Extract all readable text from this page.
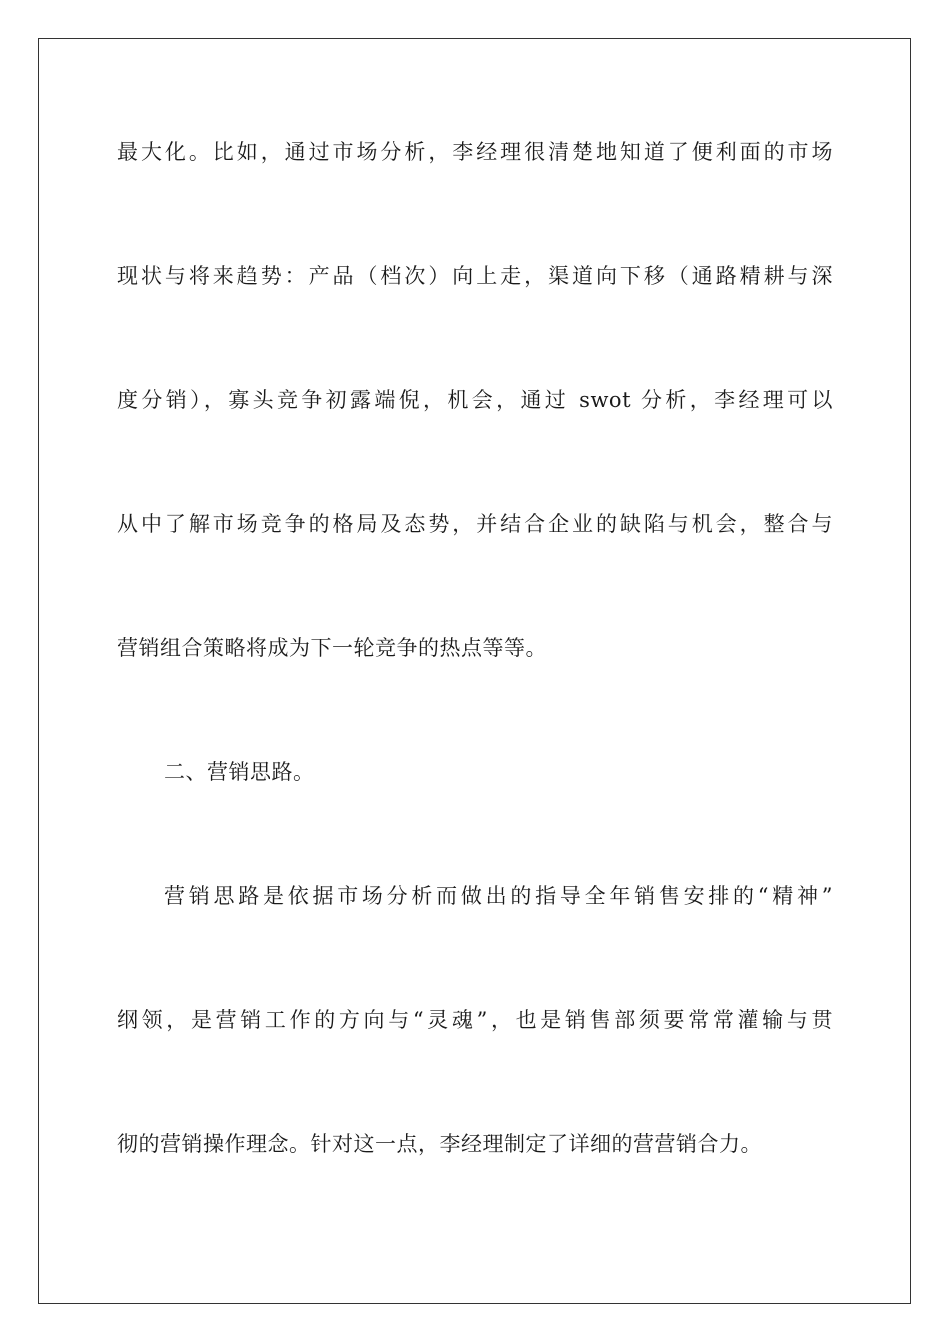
最大化。比如，通过市场分析，李经理很清楚地知道了便利面的市场
现状与将来趋势：产品（档次）向上走，渠道向下移（通路精耕与深
度分销），寡头竞争初露端倪，机会，通过 swot 分析，李经理可以
从中了解市场竞争的格局及态势，并结合企业的缺陷与机会，整合与
营销组合策略将成为下一轮竞争的热点等等。
二、营销思路。
营销思路是依据市场分析而做出的指导全年销售安排的“精神”
纲领，是营销工作的方向与“灵魂”，也是销售部须要常常灌输与贯
彻的营销操作理念。针对这一点，李经理制定了详细的营营销合力。
